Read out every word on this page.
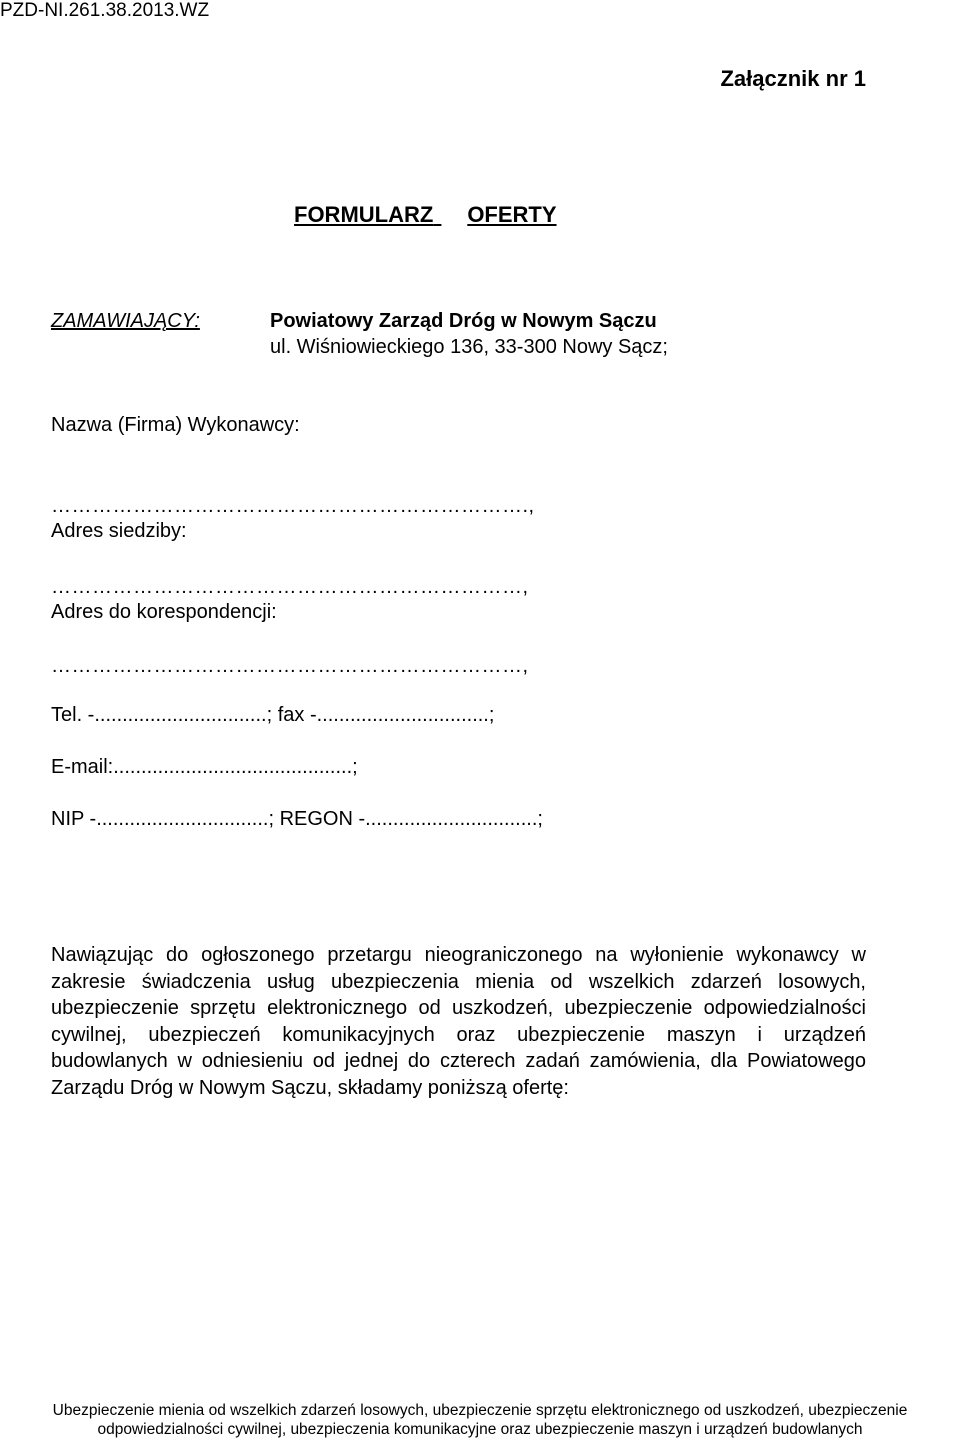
PZD-NI.261.38.2013.WZ
Załącznik nr 1
FORMULARZ OFERTY
ZAMAWIAJĄCY:	Powiatowy Zarząd Dróg w Nowym Sączu
ul. Wiśniowieckiego 136, 33-300 Nowy Sącz;
Nazwa (Firma) Wykonawcy:
…………………………………………………………….,
Adres siedziby:
……………………………………………………………,
Adres do korespondencji:
……………………………………………………………,
Tel. -...............................; fax -...............................;
E-mail:...........................................;
NIP -...............................; REGON -...............................;
Nawiązując do ogłoszonego przetargu nieograniczonego na wyłonienie wykonawcy w zakresie świadczenia usług ubezpieczenia mienia od wszelkich zdarzeń losowych, ubezpieczenie sprzętu elektronicznego od uszkodzeń, ubezpieczenie odpowiedzialności cywilnej, ubezpieczeń komunikacyjnych oraz ubezpieczenie maszyn i urządzeń budowlanych w odniesieniu od jednej do czterech zadań zamówienia, dla Powiatowego Zarządu Dróg w Nowym Sączu, składamy poniższą ofertę:
Ubezpieczenie mienia od wszelkich zdarzeń losowych, ubezpieczenie sprzętu elektronicznego od uszkodzeń, ubezpieczenie
odpowiedzialności cywilnej, ubezpieczenia komunikacyjne oraz ubezpieczenie maszyn i urządzeń budowlanych
